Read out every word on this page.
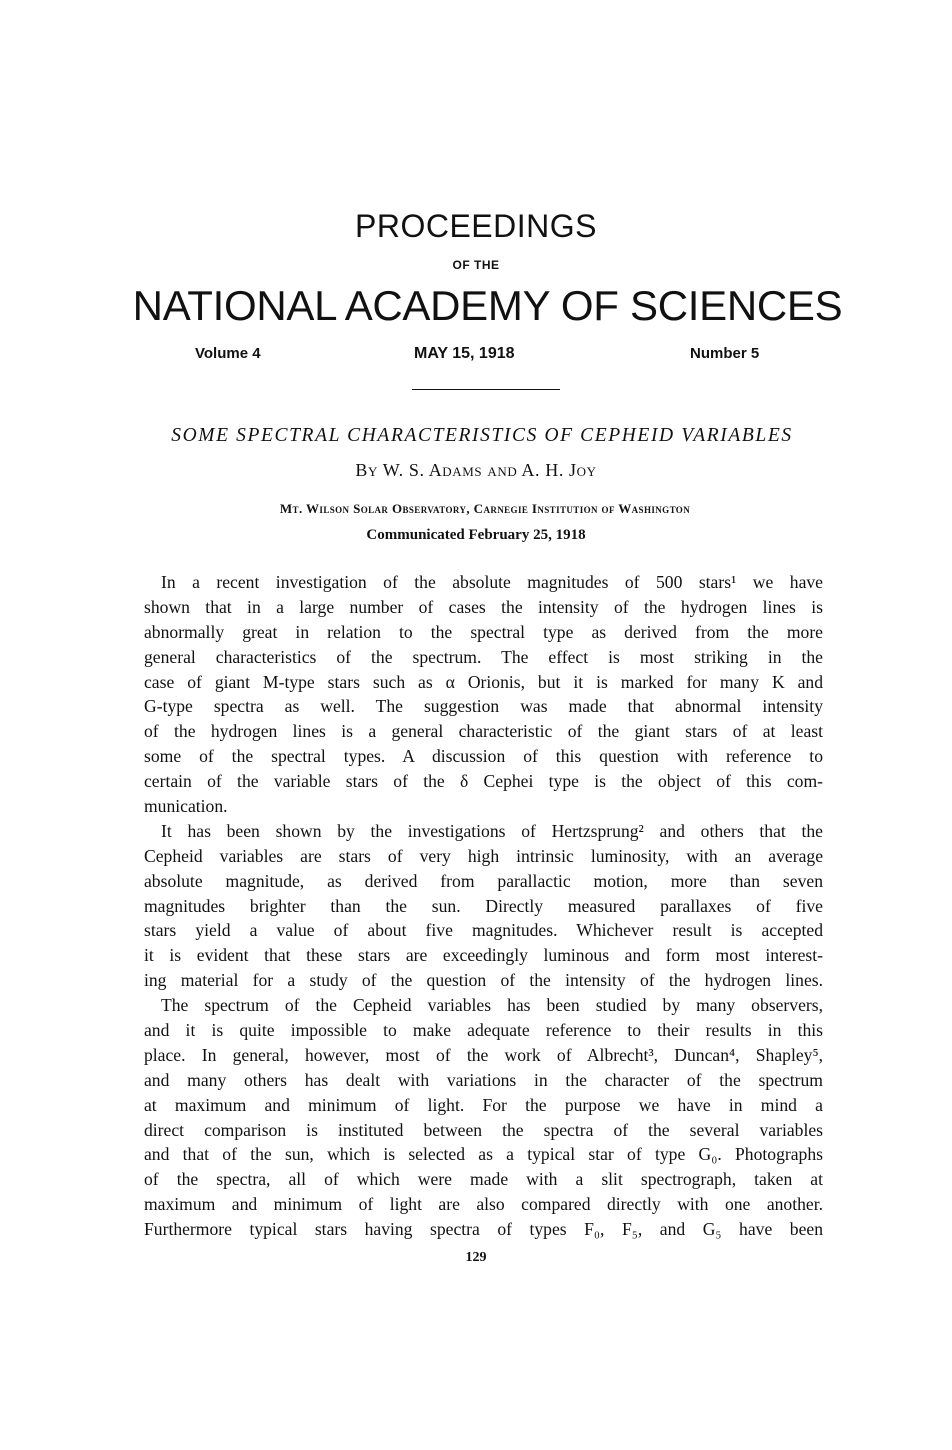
PROCEEDINGS
OF THE
NATIONAL ACADEMY OF SCIENCES
Volume 4	MAY 15, 1918	Number 5
SOME SPECTRAL CHARACTERISTICS OF CEPHEID VARIABLES
By W. S. Adams and A. H. Joy
Mt. Wilson Solar Observatory, Carnegie Institution of Washington
Communicated February 25, 1918
In a recent investigation of the absolute magnitudes of 500 stars¹ we have
shown that in a large number of cases the intensity of the hydrogen lines is
abnormally great in relation to the spectral type as derived from the more
general characteristics of the spectrum. The effect is most striking in the
case of giant M-type stars such as α Orionis, but it is marked for many K and
G-type spectra as well. The suggestion was made that abnormal intensity
of the hydrogen lines is a general characteristic of the giant stars of at least
some of the spectral types. A discussion of this question with reference to
certain of the variable stars of the δ Cephei type is the object of this com-
munication.
It has been shown by the investigations of Hertzsprung² and others that the
Cepheid variables are stars of very high intrinsic luminosity, with an average
absolute magnitude, as derived from parallactic motion, more than seven
magnitudes brighter than the sun. Directly measured parallaxes of five
stars yield a value of about five magnitudes. Whichever result is accepted
it is evident that these stars are exceedingly luminous and form most interest-
ing material for a study of the question of the intensity of the hydrogen lines.
The spectrum of the Cepheid variables has been studied by many observers,
and it is quite impossible to make adequate reference to their results in this
place. In general, however, most of the work of Albrecht³, Duncan⁴, Shapley⁵,
and many others has dealt with variations in the character of the spectrum
at maximum and minimum of light. For the purpose we have in mind a
direct comparison is instituted between the spectra of the several variables
and that of the sun, which is selected as a typical star of type G₀. Photographs
of the spectra, all of which were made with a slit spectrograph, taken at
maximum and minimum of light are also compared directly with one another.
Furthermore typical stars having spectra of types F₀, F₅, and G₅ have been
129
